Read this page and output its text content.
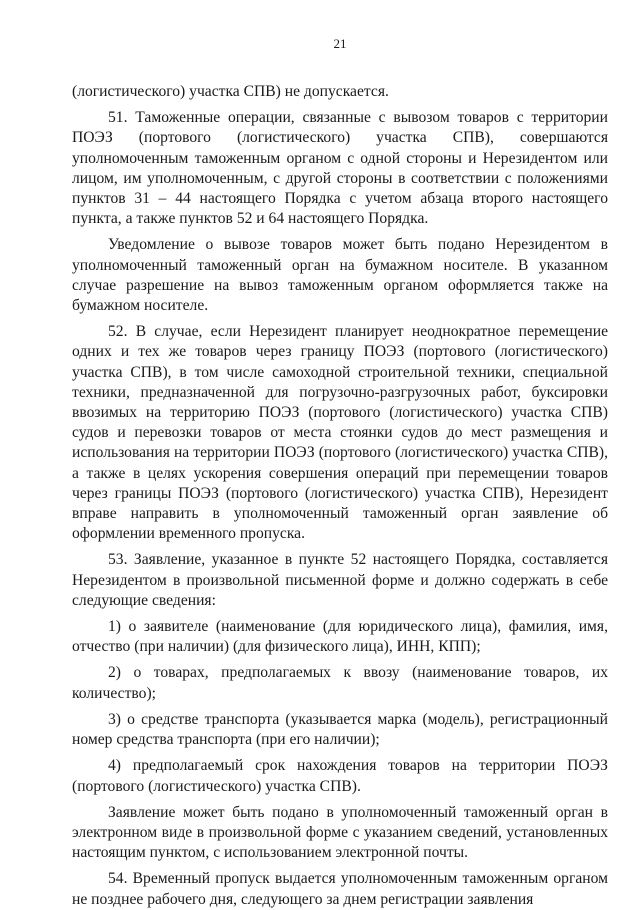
21

(логистического) участка СПВ) не допускается.

51. Таможенные операции, связанные с вывозом товаров с территории ПОЭЗ (портового (логистического) участка СПВ), совершаются уполномоченным таможенным органом с одной стороны и Нерезидентом или лицом, им уполномоченным, с другой стороны в соответствии с положениями пунктов 31 – 44 настоящего Порядка с учетом абзаца второго настоящего пункта, а также пунктов 52 и 64 настоящего Порядка.

Уведомление о вывозе товаров может быть подано Нерезидентом в уполномоченный таможенный орган на бумажном носителе. В указанном случае разрешение на вывоз таможенным органом оформляется также на бумажном носителе.

52. В случае, если Нерезидент планирует неоднократное перемещение одних и тех же товаров через границу ПОЭЗ (портового (логистического) участка СПВ), в том числе самоходной строительной техники, специальной техники, предназначенной для погрузочно-разгрузочных работ, буксировки ввозимых на территорию ПОЭЗ (портового (логистического) участка СПВ) судов и перевозки товаров от места стоянки судов до мест размещения и использования на территории ПОЭЗ (портового (логистического) участка СПВ), а также в целях ускорения совершения операций при перемещении товаров через границы ПОЭЗ (портового (логистического) участка СПВ), Нерезидент вправе направить в уполномоченный таможенный орган заявление об оформлении временного пропуска.

53. Заявление, указанное в пункте 52 настоящего Порядка, составляется Нерезидентом в произвольной письменной форме и должно содержать в себе следующие сведения:

1) о заявителе (наименование (для юридического лица), фамилия, имя, отчество (при наличии) (для физического лица), ИНН, КПП);

2) о товарах, предполагаемых к ввозу (наименование товаров, их количество);

3) о средстве транспорта (указывается марка (модель), регистрационный номер средства транспорта (при его наличии);

4) предполагаемый срок нахождения товаров на территории ПОЭЗ (портового (логистического) участка СПВ).

Заявление может быть подано в уполномоченный таможенный орган в электронном виде в произвольной форме с указанием сведений, установленных настоящим пунктом, с использованием электронной почты.

54. Временный пропуск выдается уполномоченным таможенным органом не позднее рабочего дня, следующего за днем регистрации заявления
